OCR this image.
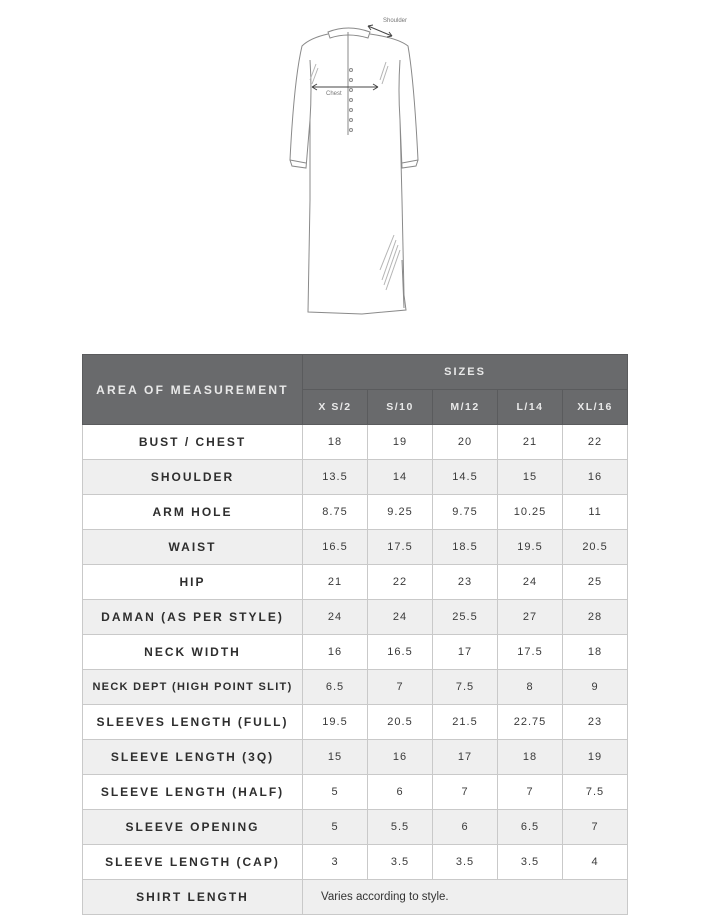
Shoulder
Chest
AREA OF MEASUREMENT	SIZES				
	X S/2	S/10	M/12	L/14	XL/16
BUST / CHEST	18	19	20	21	22
SHOULDER	13.5	14	14.5	15	16
ARM HOLE	8.75	9.25	9.75	10.25	11
WAIST	16.5	17.5	18.5	19.5	20.5
HIP	21	22	23	24	25
DAMAN (AS PER STYLE)	24	24	25.5	27	28
NECK WIDTH	16	16.5	17	17.5	18
NECK DEPT (HIGH POINT SLIT)	6.5	7	7.5	8	9
SLEEVES LENGTH (FULL)	19.5	20.5	21.5	22.75	23
SLEEVE LENGTH (3Q)	15	16	17	18	19
SLEEVE LENGTH (HALF)	5	6	7	7	7.5
SLEEVE OPENING	5	5.5	6	6.5	7
SLEEVE LENGTH (CAP)	3	3.5	3.5	3.5	4
SHIRT LENGTH	Varies according to style.				
